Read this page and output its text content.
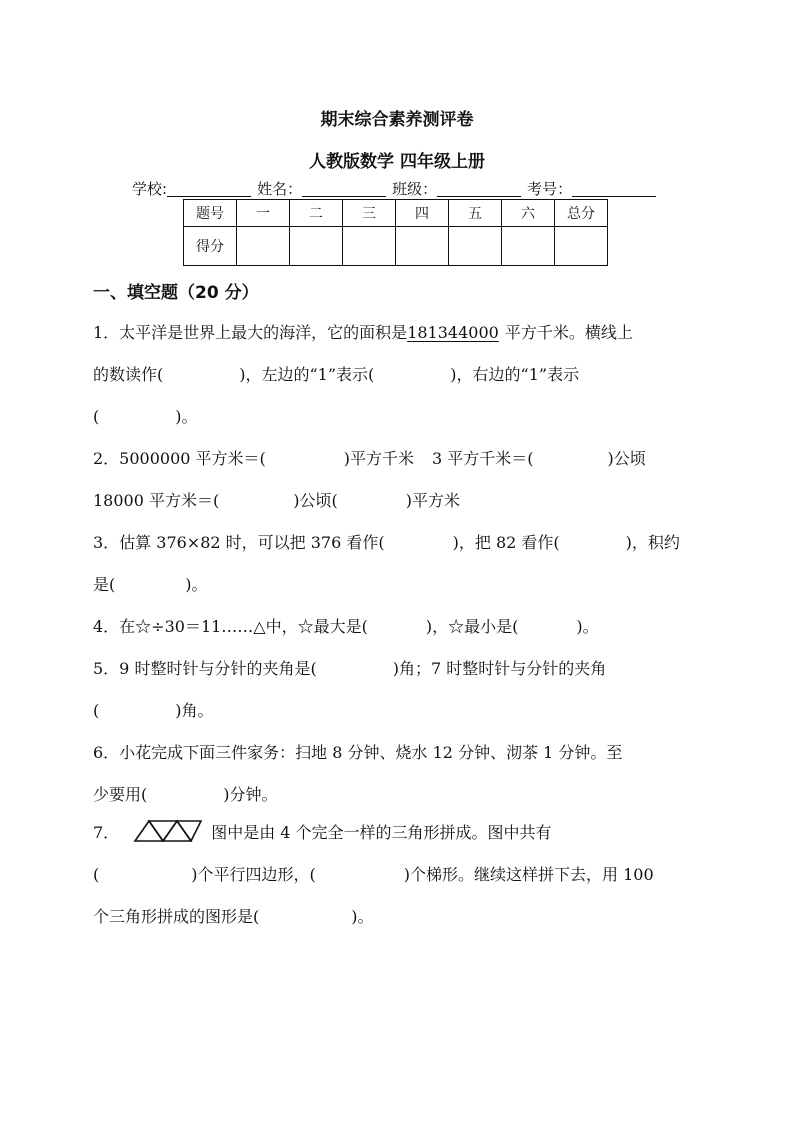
期末综合素养测评卷
人教版数学 四年级上册
学校:	姓名：	班级：	考号：
题号	一	二	三	四	五	六	总分
得分							
一、填空题（20 分）
1．太平洋是世界上最大的海洋，它的面积是181344000 平方千米。横线上
的数读作(	)，左边的“1”表示(	)，右边的“1”表示
(	)。
2．5000000 平方米＝(	)平方千米 3 平方千米＝(	)公顷
18000 平方米＝(	)公顷(	)平方米
3．估算 376×82 时，可以把 376 看作(	)，把 82 看作(	)，积约
是(	)。
4．在☆÷30＝11……△中，☆最大是(	)，☆最小是(	)。
5．9 时整时针与分针的夹角是(	)角；7 时整时针与分针的夹角
(	)角。
6．小花完成下面三件家务：扫地 8 分钟、烧水 12 分钟、沏茶 1 分钟。至
少要用(	)分钟。
7．	图中是由 4 个完全一样的三角形拼成。图中共有
(	)个平行四边形，(	)个梯形。继续这样拼下去，用 100
个三角形拼成的图形是(	)。
